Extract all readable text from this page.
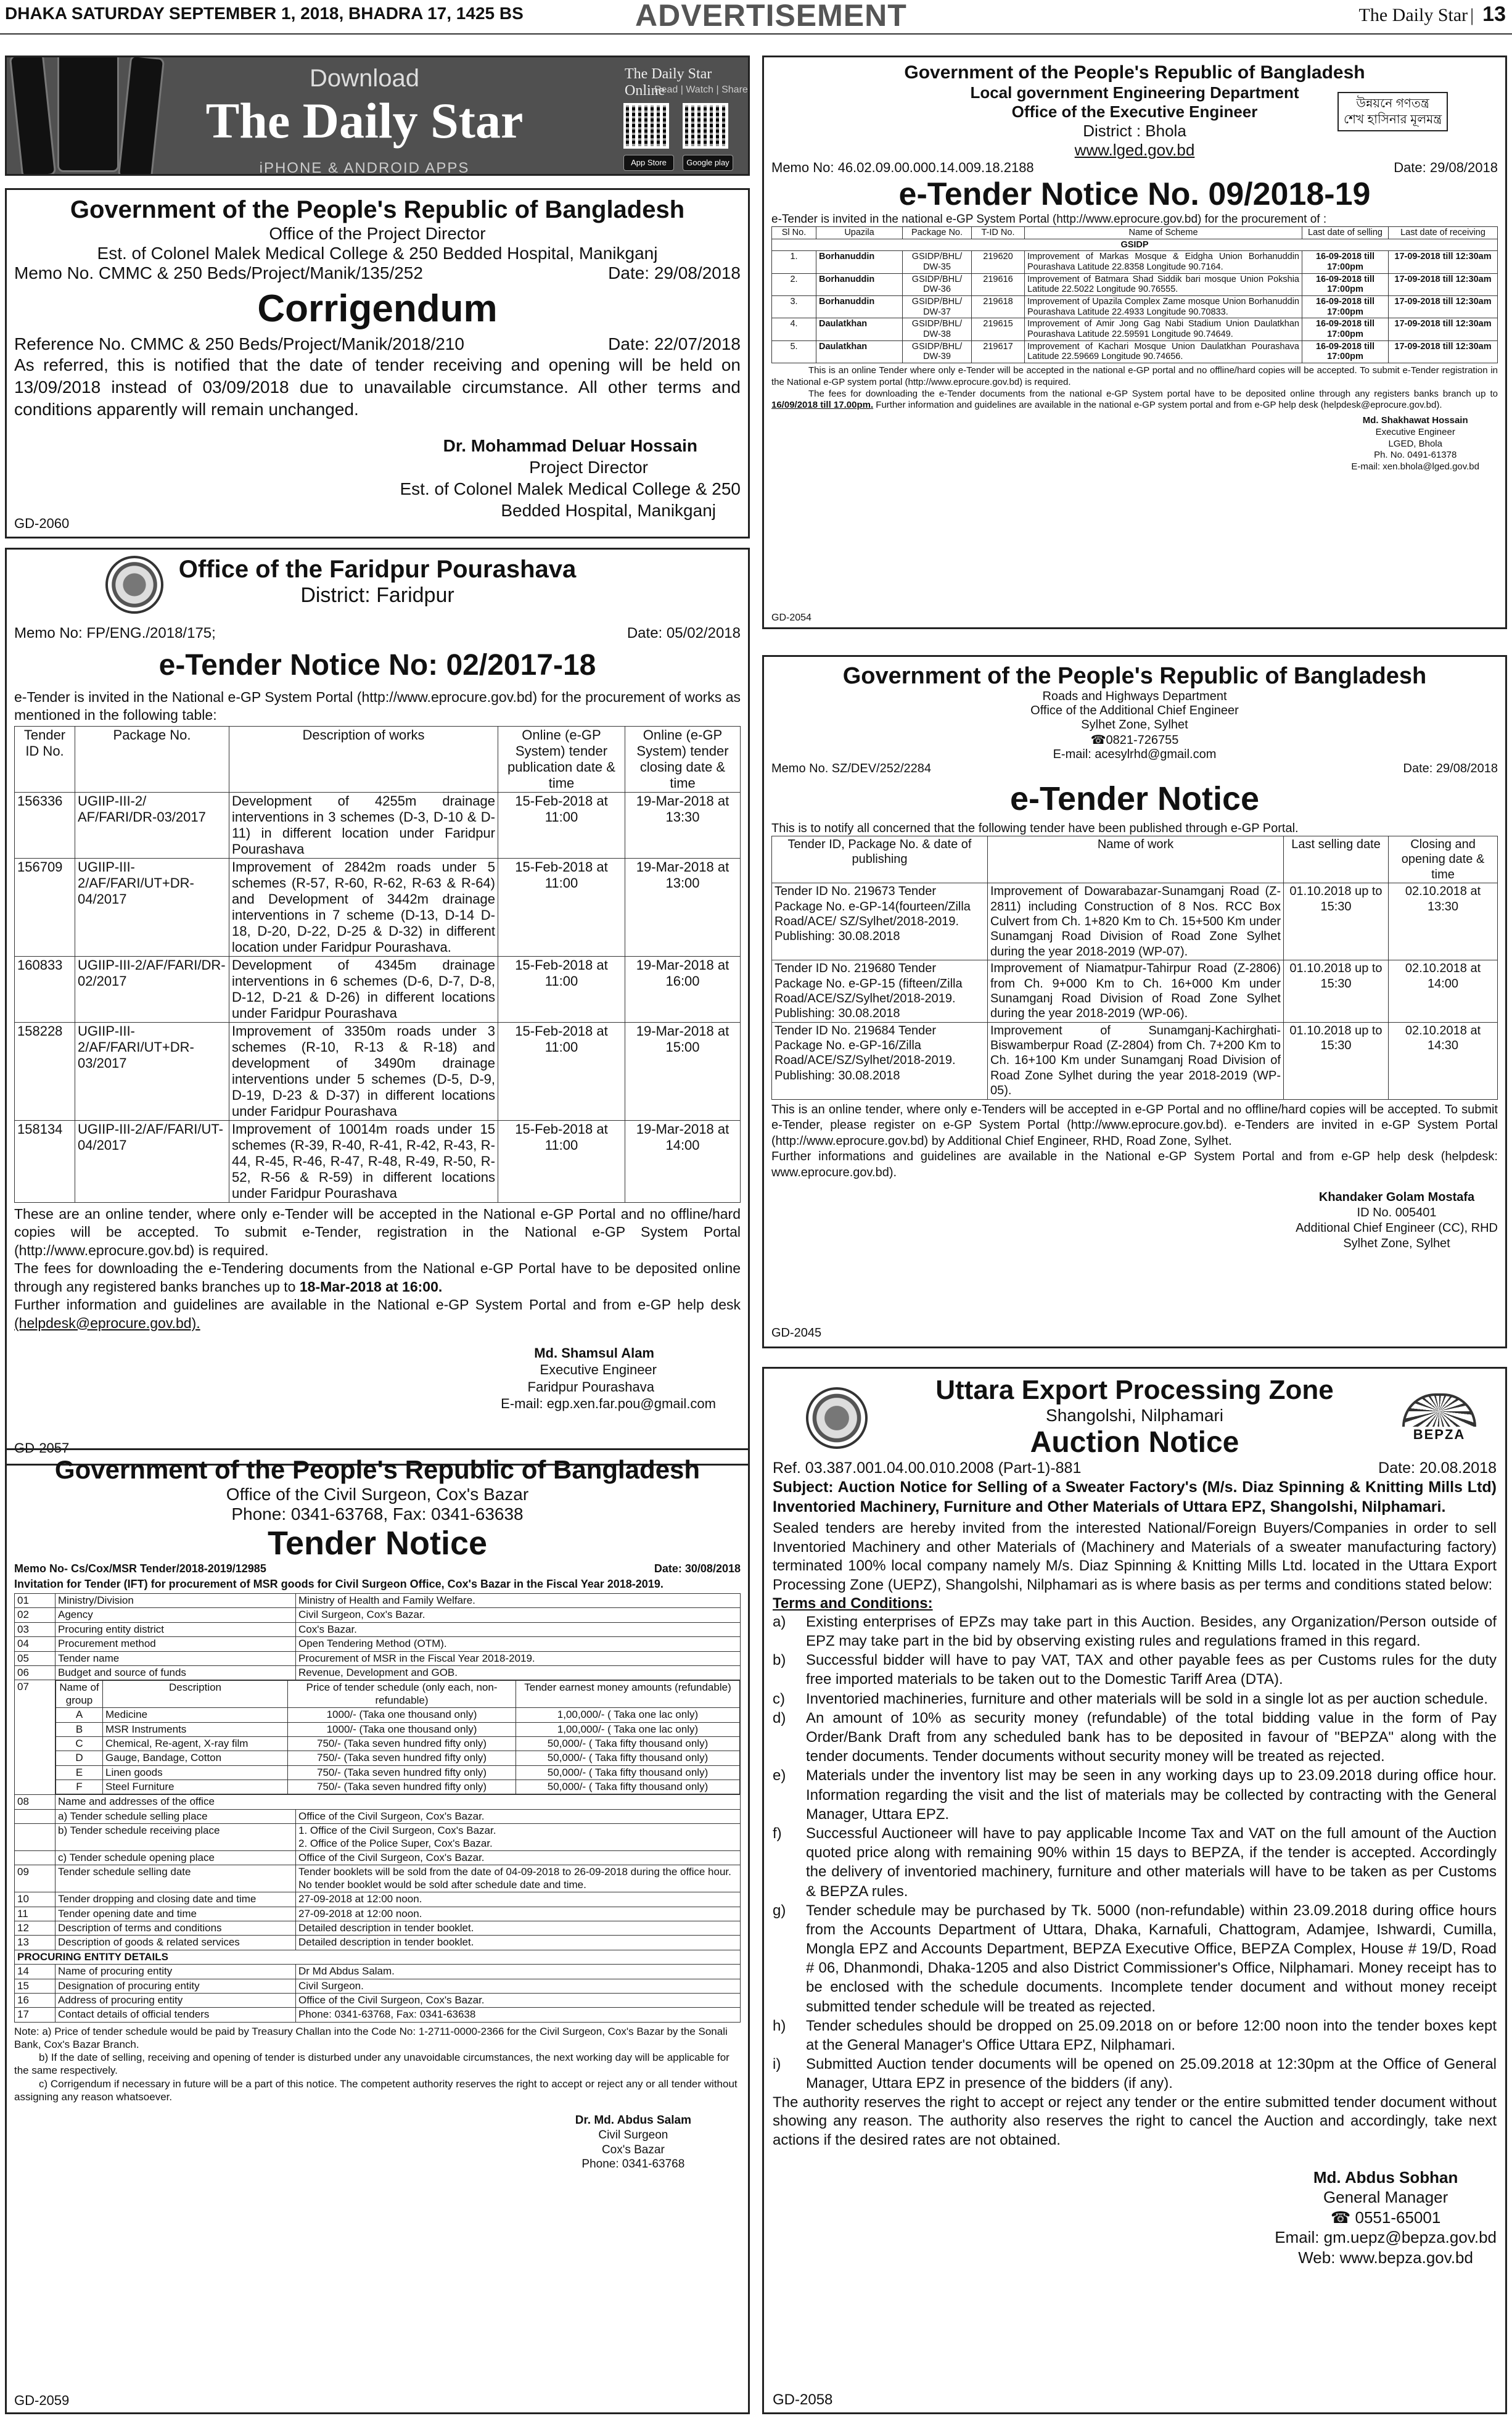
DHAKA SATURDAY SEPTEMBER 1, 2018, BHADRA 17, 1425 BS	ADVERTISEMENT	The Daily Star | 13
Download
The Daily Star
iPHONE & ANDROID APPS
The Daily Star Online
Read | Watch | Share
App Store	Google play
Government of the People's Republic of Bangladesh
Office of the Project Director
Est. of Colonel Malek Medical College & 250 Bedded Hospital, Manikganj
Memo No. CMMC & 250 Beds/Project/Manik/135/252	Date: 29/08/2018
Corrigendum
Reference No. CMMC & 250 Beds/Project/Manik/2018/210	Date: 22/07/2018
As referred, this is notified that the date of tender receiving and opening will be held on 13/09/2018 instead of 03/09/2018 due to unavailable circumstance. All other terms and conditions apparently will remain unchanged.
Dr. Mohammad Deluar Hossain
Project Director
Est. of Colonel Malek Medical College & 250
Bedded Hospital, Manikganj
GD-2060
Office of the Faridpur Pourashava
District: Faridpur
Memo No: FP/ENG./2018/175;	Date: 05/02/2018
e-Tender Notice No: 02/2017-18
e-Tender is invited in the National e-GP System Portal (http://www.eprocure.gov.bd) for the procurement of works as mentioned in the following table:
Tender ID No.	Package No.	Description of works	Online (e-GP System) tender publication date & time	Online (e-GP System) tender closing date & time
156336	UGIIP-III-2/ AF/FARI/DR-03/2017	Development of 4255m drainage interventions in 3 schemes (D-3, D-10 & D-11) in different location under Faridpur Pourashava	15-Feb-2018 at 11:00	19-Mar-2018 at 13:30
156709	UGIIP-III-2/AF/FARI/UT+DR-04/2017	Improvement of 2842m roads under 5 schemes (R-57, R-60, R-62, R-63 & R-64) and Development of 3442m drainage interventions in 7 scheme (D-13, D-14 D-18, D-20, D-22, D-25 & D-32) in different location under Faridpur Pourashava.	15-Feb-2018 at 11:00	19-Mar-2018 at 13:00
160833	UGIIP-III-2/AF/FARI/DR-02/2017	Development of 4345m drainage interventions in 6 schemes (D-6, D-7, D-8, D-12, D-21 & D-26) in different locations under Faridpur Pourashava	15-Feb-2018 at 11:00	19-Mar-2018 at 16:00
158228	UGIIP-III-2/AF/FARI/UT+DR-03/2017	Improvement of 3350m roads under 3 schemes (R-10, R-13 & R-18) and development of 3490m drainage interventions under 5 schemes (D-5, D-9, D-19, D-23 & D-37) in different locations under Faridpur Pourashava	15-Feb-2018 at 11:00	19-Mar-2018 at 15:00
158134	UGIIP-III-2/AF/FARI/UT-04/2017	Improvement of 10014m roads under 15 schemes (R-39, R-40, R-41, R-42, R-43, R-44, R-45, R-46, R-47, R-48, R-49, R-50, R-52, R-56 & R-59) in different locations under Faridpur Pourashava	15-Feb-2018 at 11:00	19-Mar-2018 at 14:00

These are an online tender, where only e-Tender will be accepted in the National e-GP Portal and no offline/hard copies will be accepted. To submit e-Tender, registration in the National e-GP System Portal (http://www.eprocure.gov.bd) is required.

The fees for downloading the e-Tendering documents from the National e-GP Portal have to be deposited online through any registered banks branches up to 18-Mar-2018 at 16:00.

Further information and guidelines are available in the National e-GP System Portal and from e-GP help desk (helpdesk@eprocure.gov.bd).

Md. Shamsul Alam
Executive Engineer
Faridpur Pourashava
E-mail: egp.xen.far.pou@gmail.com
GD-2057
Government of the People's Republic of Bangladesh
Office of the Civil Surgeon, Cox's Bazar
Phone: 0341-63768, Fax: 0341-63638
Tender Notice
Memo No- Cs/Cox/MSR Tender/2018-2019/12985	Date: 30/08/2018
Invitation for Tender (IFT) for procurement of MSR goods for Civil Surgeon Office, Cox's Bazar in the Fiscal Year 2018-2019.
01	Ministry/Division	Ministry of Health and Family Welfare.
02	Agency	Civil Surgeon, Cox's Bazar.
03	Procuring entity district	Cox's Bazar.
04	Procurement method	Open Tendering Method (OTM).
05	Tender name	Procurement of MSR in the Fiscal Year 2018-2019.
06	Budget and source of funds	Revenue, Development and GOB.
07		Name of group	Description	Price of tender schedule (only each, non-refundable)	Tender earnest money amounts (refundable)
A	Medicine	1000/- (Taka one thousand only)	1,00,000/- ( Taka one lac only)
B	MSR Instruments	1000/- (Taka one thousand only)	1,00,000/- ( Taka one lac only)
C	Chemical, Re-agent, X-ray film	750/- (Taka seven hundred fifty only)	50,000/- ( Taka fifty thousand only)
D	Gauge, Bandage, Cotton	750/- (Taka seven hundred fifty only)	50,000/- ( Taka fifty thousand only)
E	Linen goods	750/- (Taka seven hundred fifty only)	50,000/- ( Taka fifty thousand only)
F	Steel Furniture	750/- (Taka seven hundred fifty only)	50,000/- ( Taka fifty thousand only)

08	Name and addresses of the office
	a) Tender schedule selling place	Office of the Civil Surgeon, Cox's Bazar.
	b) Tender schedule receiving place	1. Office of the Civil Surgeon, Cox's Bazar.
2. Office of the Police Super, Cox's Bazar.

	c) Tender schedule opening place	Office of the Civil Surgeon, Cox's Bazar.
09	Tender schedule selling date	Tender booklets will be sold from the date of 04-09-2018 to 26-09-2018 during the office hour. No tender booklet would be sold after schedule date and time.
10	Tender dropping and closing date and time	27-09-2018 at 12:00 noon.
11	Tender opening date and time	27-09-2018 at 12:00 noon.
12	Description of terms and conditions	Detailed description in tender booklet.
13	Description of goods & related services	Detailed description in tender booklet.
PROCURING ENTITY DETAILS
14	Name of procuring entity	Dr Md Abdus Salam.
15	Designation of procuring entity	Civil Surgeon.
16	Address of procuring entity	Office of the Civil Surgeon, Cox's Bazar.
17	Contact details of official tenders	Phone: 0341-63768, Fax: 0341-63638

Note: a) Price of tender schedule would be paid by Treasury Challan into the Code No: 1-2711-0000-2366 for the Civil Surgeon, Cox's Bazar by the Sonali Bank, Cox's Bazar Branch.

b) If the date of selling, receiving and opening of tender is disturbed under any unavoidable circumstances, the next working day will be applicable for the same respectively.

c) Corrigendum if necessary in future will be a part of this notice. The competent authority reserves the right to accept or reject any or all tender without assigning any reason whatsoever.

Dr. Md. Abdus Salam
Civil Surgeon
Cox's Bazar
Phone: 0341-63768
GD-2059
Government of the People's Republic of Bangladesh
Local government Engineering Department
Office of the Executive Engineer
District : Bhola
www.lged.gov.bd
উন্নয়নে গণতন্ত্র
শেখ হাসিনার মূলমন্ত্র
Memo No: 46.02.09.00.000.14.009.18.2188	Date: 29/08/2018
e-Tender Notice No. 09/2018-19
e-Tender is invited in the national e-GP System Portal (http://www.eprocure.gov.bd) for the procurement of :
Sl No.	Upazila	Package No.	T-ID No.	Name of Scheme	Last date of selling	Last date of receiving
GSIDP						
1.	Borhanuddin	GSIDP/BHL/ DW-35	219620	Improvement of Markas Mosque & Eidgha Union Borhanuddin Pourashava Latitude 22.8358 Longitude 90.7164.	16-09-2018 till 17:00pm	17-09-2018 till 12:30am
2.	Borhanuddin	GSIDP/BHL/ DW-36	219616	Improvement of Batmara Shad Siddik bari mosque Union Pokshia Latitude 22.5022 Longitude 90.76555.	16-09-2018 till 17:00pm	17-09-2018 till 12:30am
3.	Borhanuddin	GSIDP/BHL/ DW-37	219618	Improvement of Upazila Complex Zame mosque Union Borhanuddin Pourashava Latitude 22.4933 Longitude 90.70833.	16-09-2018 till 17:00pm	17-09-2018 till 12:30am
4.	Daulatkhan	GSIDP/BHL/ DW-38	219615	Improvement of Amir Jong Gag Nabi Stadium Union Daulatkhan Pourashava Latitude 22.59591 Longitude 90.74649.	16-09-2018 till 17:00pm	17-09-2018 till 12:30am
5.	Daulatkhan	GSIDP/BHL/ DW-39	219617	Improvement of Kachari Mosque Union Daulatkhan Pourashava Latitude 22.59669 Longitude 90.74656.	16-09-2018 till 17:00pm	17-09-2018 till 12:30am

This is an online Tender where only e-Tender will be accepted in the national e-GP portal and no offline/hard copies will be accepted. To submit e-Tender registration in the National e-GP system portal (http://www.eprocure.gov.bd) is required.

The fees for downloading the e-Tender documents from the national e-GP System portal have to be deposited online through any registers banks branch up to 16/09/2018 till 17.00pm. Further information and guidelines are available in the national e-GP system portal and from e-GP help desk (helpdesk@eprocure.gov.bd).

Md. Shakhawat Hossain
Executive Engineer
LGED, Bhola
Ph. No. 0491-61378
E-mail: xen.bhola@lged.gov.bd
GD-2054
Government of the People's Republic of Bangladesh
Roads and Highways Department
Office of the Additional Chief Engineer
Sylhet Zone, Sylhet
☎0821-726755
E-mail: acesylrhd@gmail.com
Memo No. SZ/DEV/252/2284	Date: 29/08/2018
e-Tender Notice
This is to notify all concerned that the following tender have been published through e-GP Portal.
Tender ID, Package No. & date of publishing	Name of work	Last selling date	Closing and opening date & time
Tender ID No. 219673 Tender Package No. e-GP-14(fourteen/Zilla Road/ACE/ SZ/Sylhet/2018-2019. Publishing: 30.08.2018	Improvement of Dowarabazar-Sunamganj Road (Z-2811) including Construction of 8 Nos. RCC Box Culvert from Ch. 1+820 Km to Ch. 15+500 Km under Sunamganj Road Division of Road Zone Sylhet during the year 2018-2019 (WP-07).	01.10.2018 up to 15:30	02.10.2018 at 13:30
Tender ID No. 219680 Tender Package No. e-GP-15 (fifteen/Zilla Road/ACE/SZ/Sylhet/2018-2019. Publishing: 30.08.2018	Improvement of Niamatpur-Tahirpur Road (Z-2806) from Ch. 9+000 Km to Ch. 16+000 Km under Sunamganj Road Division of Road Zone Sylhet during the year 2018-2019 (WP-06).	01.10.2018 up to 15:30	02.10.2018 at 14:00
Tender ID No. 219684 Tender Package No. e-GP-16/Zilla Road/ACE/SZ/Sylhet/2018-2019. Publishing: 30.08.2018	Improvement of Sunamganj-Kachirghati-Biswamberpur Road (Z-2804) from Ch. 7+200 Km to Ch. 16+100 Km under Sunamganj Road Division of Road Zone Sylhet during the year 2018-2019 (WP-05).	01.10.2018 up to 15:30	02.10.2018 at 14:30

This is an online tender, where only e-Tenders will be accepted in e-GP Portal and no offline/hard copies will be accepted. To submit e-Tender, please register on e-GP System Portal (http://www.eprocure.gov.bd). e-Tenders are invited in e-GP System Portal (http://www.eprocure.gov.bd) by Additional Chief Engineer, RHD, Road Zone, Sylhet.

Further informations and guidelines are available in the National e-GP System Portal and from e-GP help desk (helpdesk: www.eprocure.gov.bd).

Khandaker Golam Mostafa
ID No. 005401
Additional Chief Engineer (CC), RHD
Sylhet Zone, Sylhet
GD-2045
BEPZA
Uttara Export Processing Zone
Shangolshi, Nilphamari
Auction Notice
Ref. 03.387.001.04.00.010.2008 (Part-1)-881	Date: 20.08.2018
Subject: Auction Notice for Selling of a Sweater Factory's (M/s. Diaz Spinning & Knitting Mills Ltd) Inventoried Machinery, Furniture and Other Materials of Uttara EPZ, Shangolshi, Nilphamari.
Sealed tenders are hereby invited from the interested National/Foreign Buyers/Companies in order to sell Inventoried Machinery and other Materials of (Machinery and Materials of a sweater manufacturing factory) terminated 100% local company namely M/s. Diaz Spinning & Knitting Mills Ltd. located in the Uttara Export Processing Zone (UEPZ), Shangolshi, Nilphamari as is where basis as per terms and conditions stated below:
Terms and Conditions:
a)	Existing enterprises of EPZs may take part in this Auction. Besides, any Organization/Person outside of EPZ may take part in the bid by observing existing rules and regulations framed in this regard.
b)	Successful bidder will have to pay VAT, TAX and other payable fees as per Customs rules for the duty free imported materials to be taken out to the Domestic Tariff Area (DTA).
c)	Inventoried machineries, furniture and other materials will be sold in a single lot as per auction schedule.
d)	An amount of 10% as security money (refundable) of the total bidding value in the form of Pay Order/Bank Draft from any scheduled bank has to be deposited in favour of "BEPZA" along with the tender documents. Tender documents without security money will be treated as rejected.
e)	Materials under the inventory list may be seen in any working days up to 23.09.2018 during office hour. Information regarding the visit and the list of materials may be collected by contracting with the General Manager, Uttara EPZ.
f)	Successful Auctioneer will have to pay applicable Income Tax and VAT on the full amount of the Auction quoted price along with remaining 90% within 15 days to BEPZA, if the tender is accepted. Accordingly the delivery of inventoried machinery, furniture and other materials will have to be taken as per Customs & BEPZA rules.
g)	Tender schedule may be purchased by Tk. 5000 (non-refundable) within 23.09.2018 during office hours from the Accounts Department of Uttara, Dhaka, Karnafuli, Chattogram, Adamjee, Ishwardi, Cumilla, Mongla EPZ and Accounts Department, BEPZA Executive Office, BEPZA Complex, House # 19/D, Road # 06, Dhanmondi, Dhaka-1205 and also District Commissioner's Office, Nilphamari. Money receipt has to be enclosed with the schedule documents. Incomplete tender document and without money receipt submitted tender schedule will be treated as rejected.
h)	Tender schedules should be dropped on 25.09.2018 on or before 12:00 noon into the tender boxes kept at the General Manager's Office Uttara EPZ, Nilphamari.
i)	Submitted Auction tender documents will be opened on 25.09.2018 at 12:30pm at the Office of General Manager, Uttara EPZ in presence of the bidders (if any).
The authority reserves the right to accept or reject any tender or the entire submitted tender document without showing any reason. The authority also reserves the right to cancel the Auction and accordingly, take next actions if the desired rates are not obtained.
Md. Abdus Sobhan
General Manager
☎ 0551-65001
Email: gm.uepz@bepza.gov.bd
Web: www.bepza.gov.bd
GD-2058
